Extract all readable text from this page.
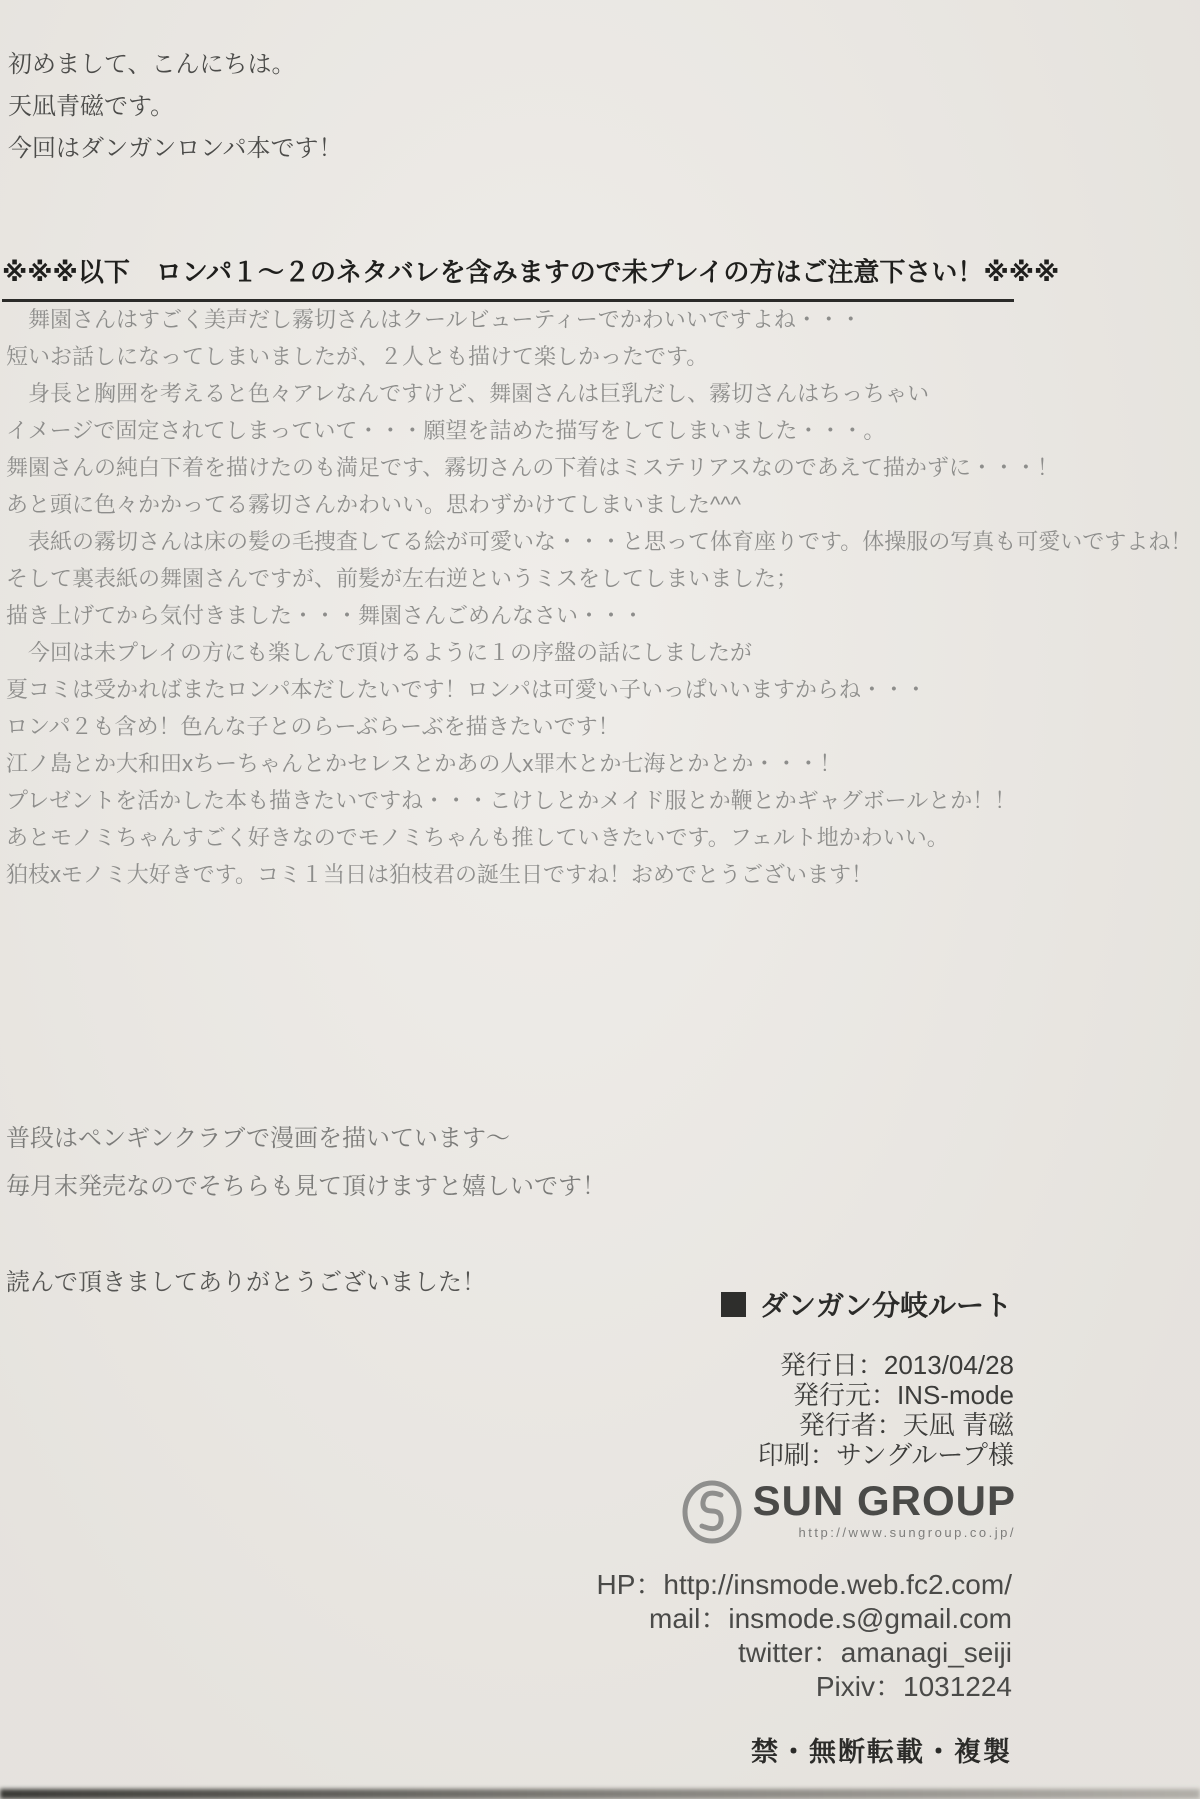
初めまして、こんにちは。
天凪青磁です。
今回はダンガンロンパ本です！
※※※ 以下　ロンパ１～２のネタバレを含みますので未プレイの方はご注意下さい！ ※※※
　舞園さんはすごく美声だし霧切さんはクールビューティーでかわいいですよね・・・
短いお話しになってしまいましたが、２人とも描けて楽しかったです。
　身長と胸囲を考えると色々アレなんですけど、舞園さんは巨乳だし、霧切さんはちっちゃい
イメージで固定されてしまっていて・・・願望を詰めた描写をしてしまいました・・・。
舞園さんの純白下着を描けたのも満足です、霧切さんの下着はミステリアスなのであえて描かずに・・・！
あと頭に色々かかってる霧切さんかわいい。思わずかけてしまいました^^^
　表紙の霧切さんは床の髪の毛捜査してる絵が可愛いな・・・と思って体育座りです。体操服の写真も可愛いですよね！
そして裏表紙の舞園さんですが、前髪が左右逆というミスをしてしまいました；
描き上げてから気付きました・・・舞園さんごめんなさい・・・
　今回は未プレイの方にも楽しんで頂けるように１の序盤の話にしましたが
夏コミは受かればまたロンパ本だしたいです！ロンパは可愛い子いっぱいいますからね・・・
ロンパ２も含め！色んな子とのらーぶらーぶを描きたいです！
江ノ島とか大和田xちーちゃんとかセレスとかあの人x罪木とか七海とかとか・・・！
プレゼントを活かした本も描きたいですね・・・こけしとかメイド服とか鞭とかギャグボールとか！！
あとモノミちゃんすごく好きなのでモノミちゃんも推していきたいです。フェルト地かわいい。
狛枝xモノミ大好きです。コミ１当日は狛枝君の誕生日ですね！おめでとうございます！
普段はペンギンクラブで漫画を描いています～
毎月末発売なのでそちらも見て頂けますと嬉しいです！
読んで頂きましてありがとうございました！
ダンガン分岐ルート
発行日：2013/04/28
発行元：INS-mode
発行者：天凪 青磁
印刷：サングループ様
SUN GROUP
http://www.sungroup.co.jp/
HP：http://insmode.web.fc2.com/
mail：insmode.s@gmail.com
twitter：amanagi_seiji
Pixiv：1031224
禁・無断転載・複製
